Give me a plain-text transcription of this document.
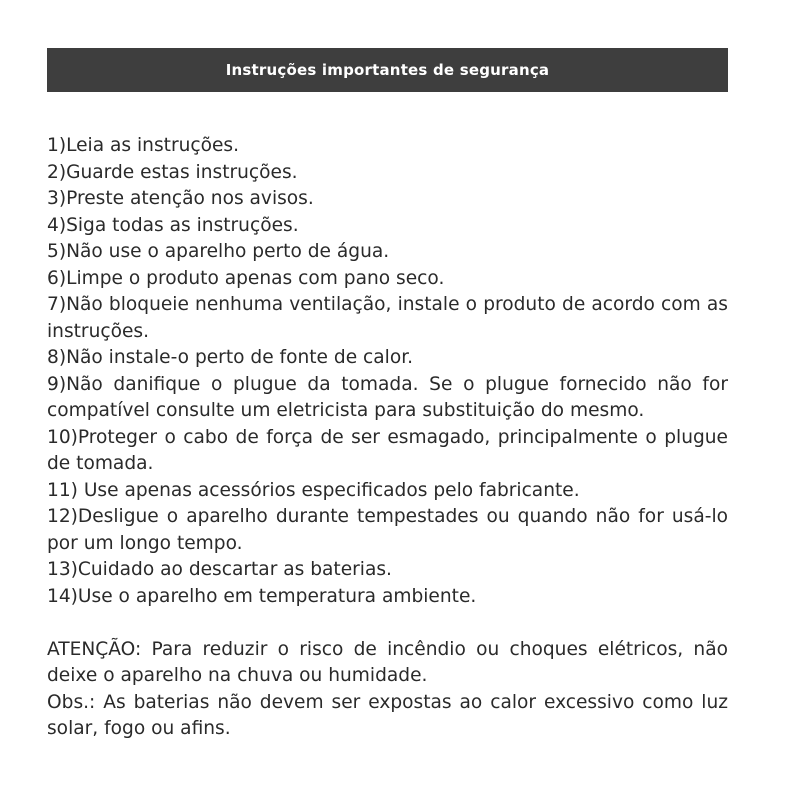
Instruções importantes de segurança

1)Leia as instruções.

2)Guarde estas instruções.

3)Preste atenção nos avisos.

4)Siga todas as instruções.

5)Não use o aparelho perto de água.

6)Limpe o produto apenas com pano seco.

7)Não bloqueie nenhuma ventilação, instale o produto de acordo com as instruções.

8)Não instale-o perto de fonte de calor.

9)Não danifique o plugue da tomada. Se o plugue fornecido não for compatível consulte um eletricista para substituição do mesmo.

10)Proteger o cabo de força de ser esmagado, principalmente o plugue de tomada.

11) Use apenas acessórios especificados pelo fabricante.

12)Desligue o aparelho durante tempestades ou quando não for usá-lo por um longo tempo.

13)Cuidado ao descartar as baterias.

14)Use o aparelho em temperatura ambiente.

ATENÇÃO: Para reduzir o risco de incêndio ou choques elétricos, não deixe o aparelho na chuva ou humidade.

Obs.: As baterias não devem ser expostas ao calor excessivo como luz solar, fogo ou afins.
